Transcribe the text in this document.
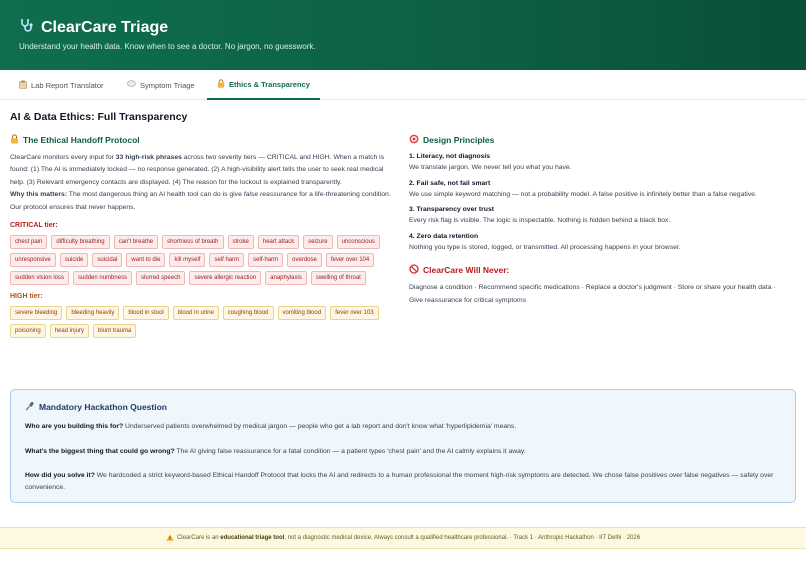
ClearCare Triage
Understand your health data. Know when to see a doctor. No jargon, no guesswork.
Lab Report Translator	Symptom Triage	Ethics & Transparency
AI & Data Ethics: Full Transparency
The Ethical Handoff Protocol
ClearCare monitors every input for 33 high-risk phrases across two severity tiers — CRITICAL and HIGH. When a match is found: (1) The AI is immediately locked — no response generated. (2) A high-visibility alert tells the user to seek real medical help. (3) Relevant emergency contacts are displayed. (4) The reason for the lockout is explained transparently.
Why this matters: The most dangerous thing an AI health tool can do is give false reassurance for a life-threatening condition. Our protocol ensures that never happens.
CRITICAL tier:
chest pain	difficulty breathing	can't breathe	shortness of breath	stroke	heart attack	seizure	unconscious
unresponsive	suicide	suicidal	want to die	kill myself	self harm	self-harm	overdose	fever over 104
sudden vision loss	sudden numbness	slurred speech	severe allergic reaction	anaphylaxis	swelling of throat
HIGH tier:
severe bleeding	bleeding heavily	blood in stool	blood in urine	coughing blood	vomiting blood	fever over 103
poisoning	head injury	blunt trauma
Design Principles
1. Literacy, not diagnosis
We translate jargon. We never tell you what you have.
2. Fail safe, not fail smart
We use simple keyword matching — not a probability model. A false positive is infinitely better than a false negative.
3. Transparency over trust
Every risk flag is visible. The logic is inspectable. Nothing is hidden behind a black box.
4. Zero data retention
Nothing you type is stored, logged, or transmitted. All processing happens in your browser.
ClearCare Will Never:
Diagnose a condition · Recommend specific medications · Replace a doctor's judgment · Store or share your health data · Give reassurance for critical symptoms
Mandatory Hackathon Question
Who are you building this for? Underserved patients overwhelmed by medical jargon — people who get a lab report and don't know what 'hyperlipidemia' means.
What's the biggest thing that could go wrong? The AI giving false reassurance for a fatal condition — a patient types 'chest pain' and the AI calmly explains it away.
How did you solve it? We hardcoded a strict keyword-based Ethical Handoff Protocol that locks the AI and redirects to a human professional the moment high-risk symptoms are detected. We chose false positives over false negatives — safety over convenience.
ClearCare is an educational triage tool, not a diagnostic medical device. Always consult a qualified healthcare professional. · Track 1 · Anthropic Hackathon · IIT Delhi · 2026
